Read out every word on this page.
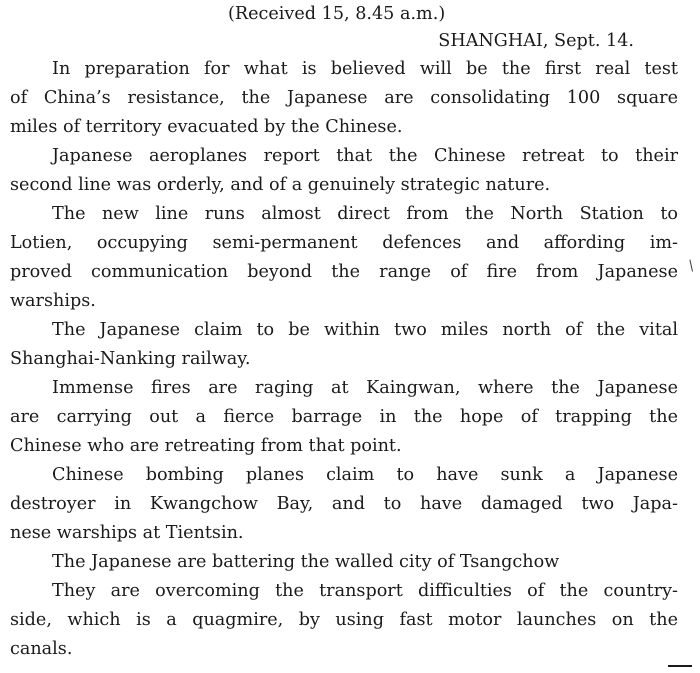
(Received 15, 8.45 a.m.)
SHANGHAI, Sept. 14.
In preparation for what is believed will be the first real test
of China’s resistance, the Japanese are consolidating 100 square
miles of territory evacuated by the Chinese.
Japanese aeroplanes report that the Chinese retreat to their
second line was orderly, and of a genuinely strategic nature.
The new line runs almost direct from the North Station to
Lotien, occupying semi-permanent defences and affording im-
proved communication beyond the range of fire from Japanese
warships.
The Japanese claim to be within two miles north of the vital
Shanghai-Nanking railway.
Immense fires are raging at Kaingwan, where the Japanese
are carrying out a fierce barrage in the hope of trapping the
Chinese who are retreating from that point.
Chinese bombing planes claim to have sunk a Japanese
destroyer in Kwangchow Bay, and to have damaged two Japa-
nese warships at Tientsin.
The Japanese are battering the walled city of Tsangchow
They are overcoming the transport difficulties of the country-
side, which is a quagmire, by using fast motor launches on the
canals.
/
